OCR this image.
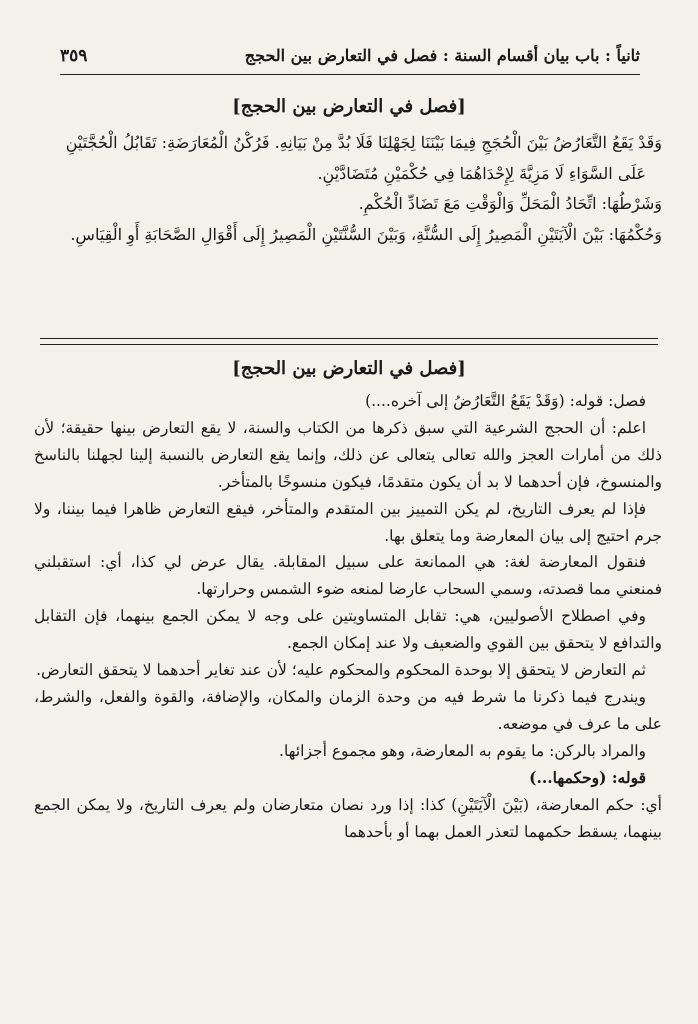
ثانياً : باب بيان أقسام السنة : فصل في التعارض بين الحجج
٣٥٩
[فصل في التعارض بين الحجج]

وَقَدْ يَقَعُ التَّعَارُضُ بَيْنَ الْحُجَجِ فِيمَا بَيْنَنَا لِجَهْلِنَا فَلَا بُدَّ مِنْ بَيَانِهِ. فَرُكْنُ الْمُعَارَضَةِ: تَقَابُلُ الْحُجَّتَيْنِ

عَلَى السَّوَاءِ لَا مَزِيَّةَ لِإِحْدَاهُمَا فِي حُكْمَيْنِ مُتَضَادَّيْنِ.

وَشَرْطُهَا: اتِّحَادُ الْمَحَلِّ وَالْوَقْتِ مَعَ تَضَادِّ الْحُكْمِ.

وَحُكْمُهَا: بَيْنَ الْآيَتَيْنِ الْمَصِيرُ إِلَى السُّنَّةِ، وَبَيْنَ السُّنَّتَيْنِ الْمَصِيرُ إِلَى أَقْوَالِ الصَّحَابَةِ أَوِ الْقِيَاسِ.

[فصل في التعارض بين الحجج]

فصل: قوله: (وَقَدْ يَقَعُ التَّعَارُضُ إلى آخره....)

اعلم: أن الحجج الشرعية التي سبق ذكرها من الكتاب والسنة، لا يقع التعارض بينها حقيقة؛ لأن ذلك من أمارات العجز والله تعالى يتعالى عن ذلك، وإنما يقع التعارض بالنسبة إلينا لجهلنا بالناسخ والمنسوخ، فإن أحدهما لا بد أن يكون متقدمًا، فيكون منسوخًا بالمتأخر.

فإذا لم يعرف التاريخ، لم يكن التمييز بين المتقدم والمتأخر، فيقع التعارض ظاهرا فيما بيننا، ولا جرم احتيج إلى بيان المعارضة وما يتعلق بها.

فنقول المعارضة لغة: هي الممانعة على سبيل المقابلة. يقال عرض لي كذا، أي: استقبلني فمنعني مما قصدته، وسمي السحاب عارضا لمنعه ضوء الشمس وحرارتها.

وفي اصطلاح الأصوليين، هي: تقابل المتساويتين على وجه لا يمكن الجمع بينهما، فإن التقابل والتدافع لا يتحقق بين القوي والضعيف ولا عند إمكان الجمع.

ثم التعارض لا يتحقق إلا بوحدة المحكوم والمحكوم عليه؛ لأن عند تغاير أحدهما لا يتحقق التعارض.

ويندرج فيما ذكرنا ما شرط فيه من وحدة الزمان والمكان، والإضافة، والقوة والفعل، والشرط، على ما عرف في موضعه.

والمراد بالركن: ما يقوم به المعارضة، وهو مجموع أجزائها.

قوله: (وحكمها...)

أي: حكم المعارضة، (بَيْنَ الْآيَتَيْنِ) كذا: إذا ورد نصان متعارضان ولم يعرف التاريخ، ولا يمكن الجمع بينهما، يسقط حكمهما لتعذر العمل بهما أو بأحدهما
